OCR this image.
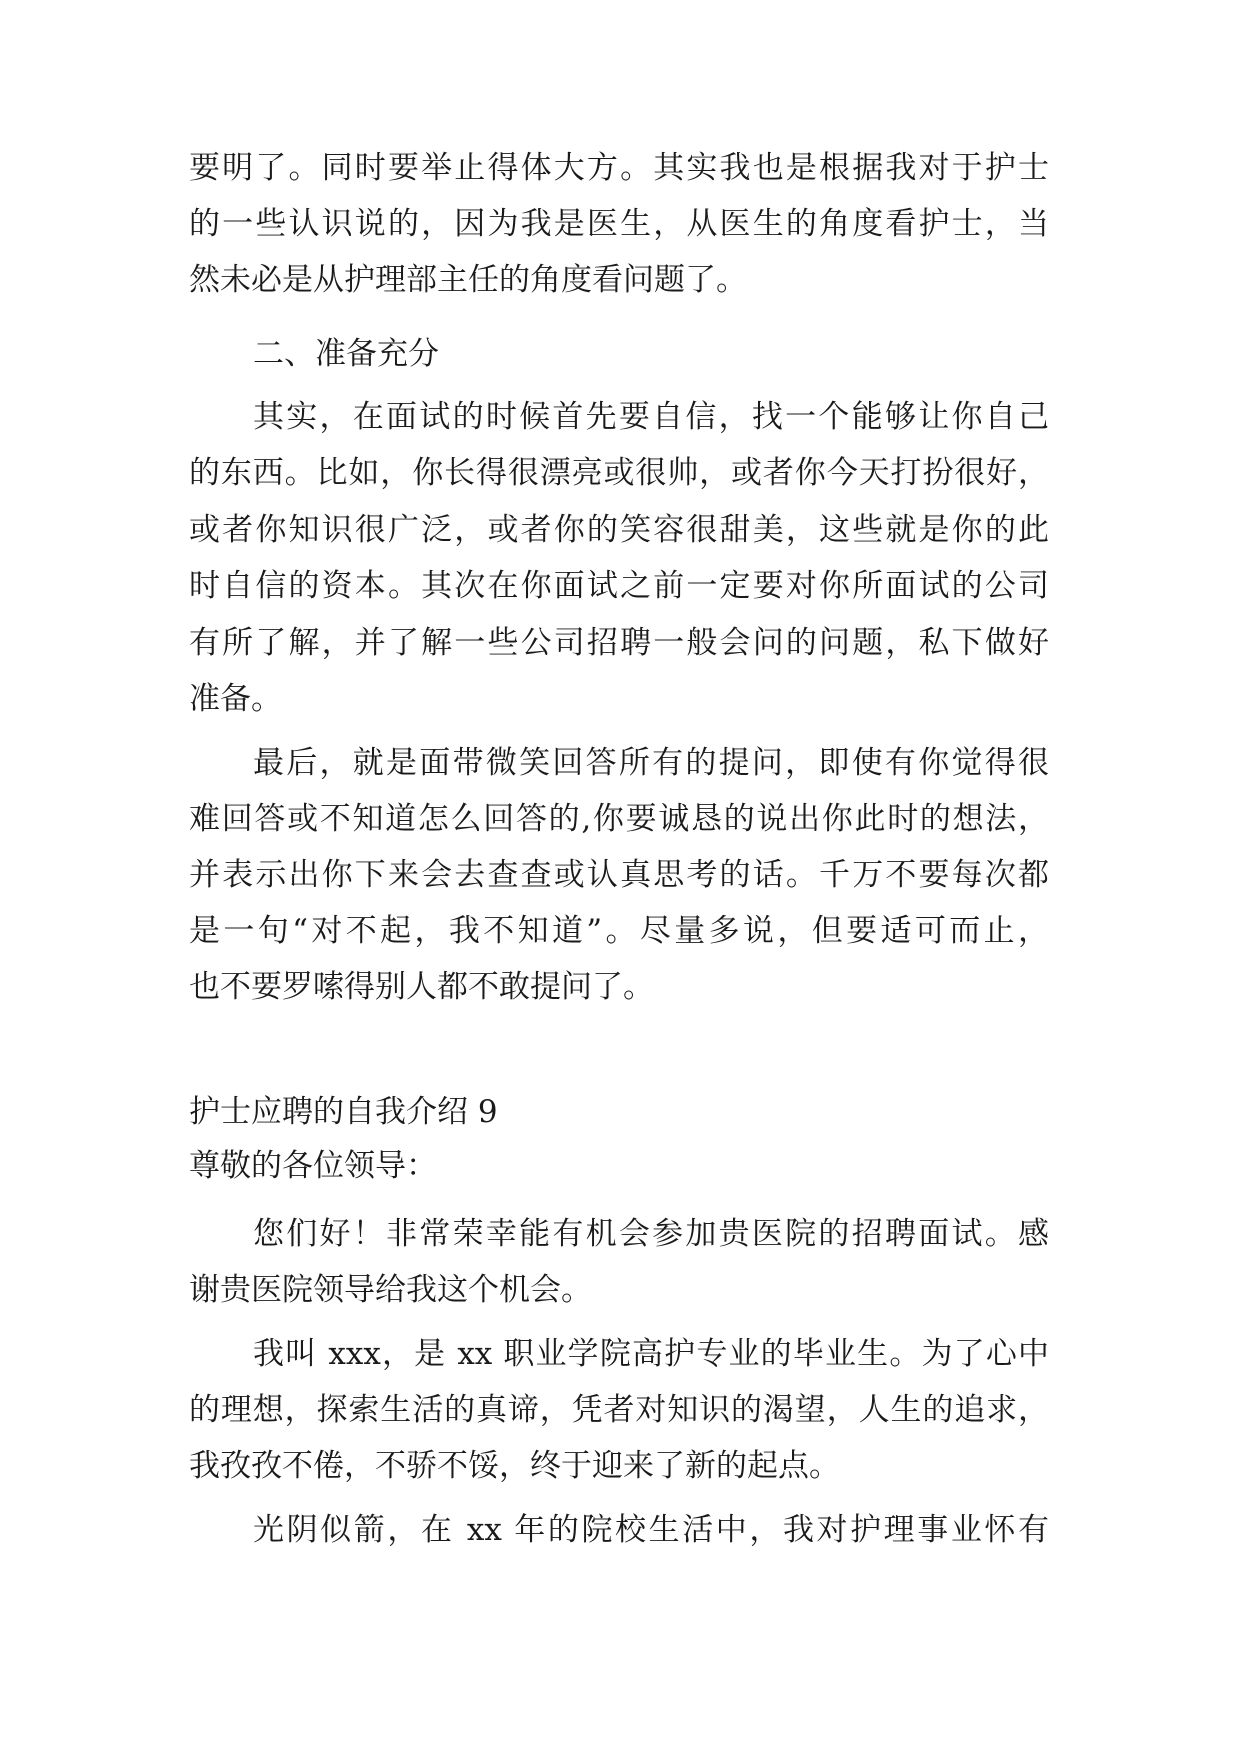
要明了。同时要举止得体大方。其实我也是根据我对于护士
的一些认识说的，因为我是医生，从医生的角度看护士，当
然未必是从护理部主任的角度看问题了。
二、准备充分
其实，在面试的时候首先要自信，找一个能够让你自己
的东西。比如，你长得很漂亮或很帅，或者你今天打扮很好，
或者你知识很广泛，或者你的笑容很甜美，这些就是你的此
时自信的资本。其次在你面试之前一定要对你所面试的公司
有所了解，并了解一些公司招聘一般会问的问题，私下做好
准备。
最后，就是面带微笑回答所有的提问，即使有你觉得很
难回答或不知道怎么回答的,你要诚恳的说出你此时的想法，
并表示出你下来会去查查或认真思考的话。千万不要每次都
是一句“对不起，我不知道”。尽量多说，但要适可而止，
也不要罗嗦得别人都不敢提问了。
护士应聘的自我介绍 9
尊敬的各位领导：
您们好！非常荣幸能有机会参加贵医院的招聘面试。感
谢贵医院领导给我这个机会。
我叫 xxx，是 xx 职业学院高护专业的毕业生。为了心中
的理想，探索生活的真谛，凭者对知识的渴望，人生的追求，
我孜孜不倦，不骄不馁，终于迎来了新的起点。
光阴似箭，在 xx 年的院校生活中，我对护理事业怀有
